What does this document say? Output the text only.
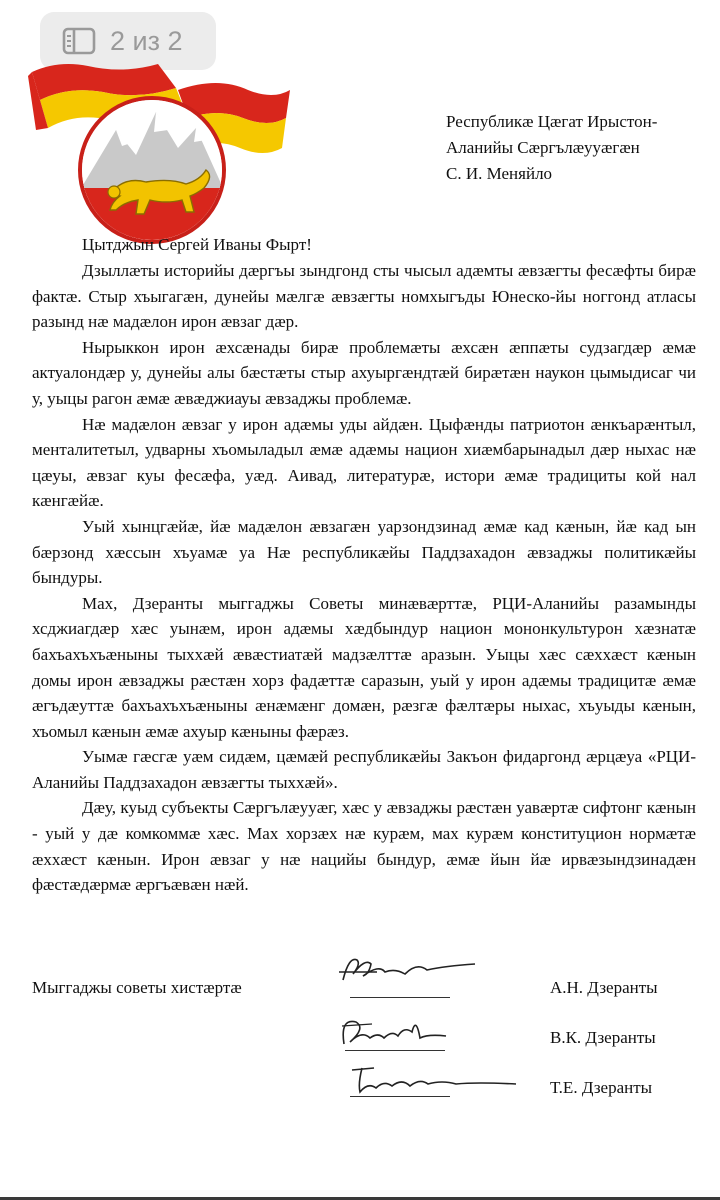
2 из 2
Республикæ Цæгат Ирыстон-
Аланийы Сæргълæууæгæн
С. И. Меняйло
Цытджын Сергей Иваны Фырт!

Дзыллæты историйы дæргъы зындгонд сты чысыл адæмты æвзæгты фесæфты бирæ фактæ. Стыр хъыгагæн, дунейы мæлгæ æвзæгты номхыгъды Юнеско-йы ноггонд атласы разынд нæ мадæлон ирон æвзаг дæр.

Нырыккон ирон æхсæнады бирæ проблемæты æхсæн æппæты судзагдæр æмæ актуалондæр у, дунейы алы бæстæты стыр ахуыргæндтæй бирæтæн наукон цымыдисаг чи у, уыцы рагон æмæ æвæджиауы æвзаджы проблемæ.

Нæ мадæлон æвзаг у ирон адæмы уды айдæн. Цыфæнды патриотон æнкъарæнтыл, менталитетыл, удварны хъомыладыл æмæ адæмы национ хиæмбарынадыл дæр ныхас нæ цæуы, æвзаг куы фесæфа, уæд. Аивад, литературæ, истори æмæ традициты кой нал кæнгæйæ.

Уый хынцгæйæ, йæ мадæлон æвзагæн уарзондзинад æмæ кад кæнын, йæ кад ын бæрзонд хæссын хъуамæ уа Нæ республикæйы Паддзахадон æвзаджы политикæйы бындуры.

Мах, Дзеранты мыггаджы Советы минæвæрттæ, РЦИ-Аланийы разамынды хсджиагдæр хæс уынæм, ирон адæмы хæдбындур национ мононкультурон хæзнатæ бахъахъхъæныны тыххæй æвæстиатæй мадзæлттæ аразын. Уыцы хæс сæххæст кæнын домы ирон æвзаджы рæстæн хорз фадæттæ саразын, уый у ирон адæмы традицитæ æмæ æгъдæуттæ бахъахъхъæныны æнæмæнг домæн, рæзгæ фæлтæры ныхас, хъуыды кæнын, хъомыл кæнын æмæ ахуыр кæныны фæрæз.

Уымæ гæсгæ уæм сидæм, цæмæй республикæйы Закъон фидаргонд æрцæуа «РЦИ-Аланийы Паддзахадон æвзæгты тыххæй».

Дæу, куыд субъекты Сæргълæууæг, хæс у æвзаджы рæстæн уавæртæ сифтонг кæнын - уый у дæ комкоммæ хæс. Мах хорзæх нæ курæм, мах курæм конституцион нормæтæ æххæст кæнын. Ирон æвзаг у нæ нацийы бындур, æмæ йын йæ ирвæзындзинадæн фæстæдæрмæ æргъæвæн нæй.

Мыггаджы советы хистæртæ	А.Н. Дзеранты
В.К. Дзеранты
Т.Е. Дзеранты
